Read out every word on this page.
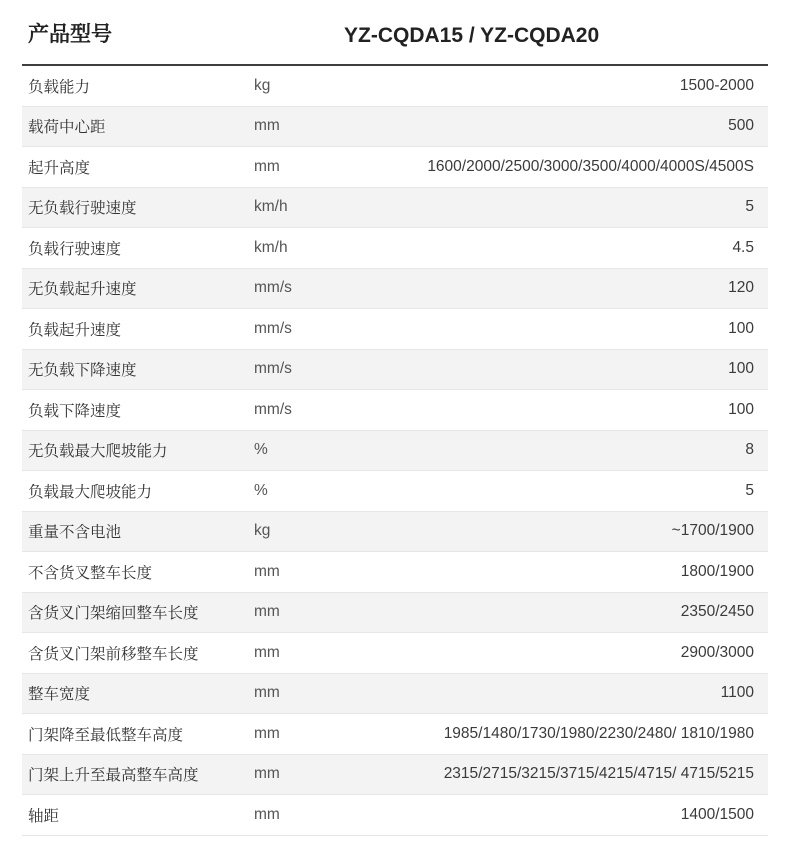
产品型号		YZ-CQDA15 / YZ-CQDA20
负载能力	kg	1500-2000
载荷中心距	mm	500
起升高度	mm	1600/2000/2500/3000/3500/4000/4000S/4500S
无负载行驶速度	km/h	5
负载行驶速度	km/h	4.5
无负载起升速度	mm/s	120
负载起升速度	mm/s	100
无负载下降速度	mm/s	100
负载下降速度	mm/s	100
无负载最大爬坡能力	%	8
负载最大爬坡能力	%	5
重量不含电池	kg	~1700/1900
不含货叉整车长度	mm	1800/1900
含货叉门架缩回整车长度	mm	2350/2450
含货叉门架前移整车长度	mm	2900/3000
整车宽度	mm	1100
门架降至最低整车高度	mm	1985/1480/1730/1980/2230/2480/ 1810/1980
门架上升至最高整车高度	mm	2315/2715/3215/3715/4215/4715/ 4715/5215
轴距	mm	1400/1500
